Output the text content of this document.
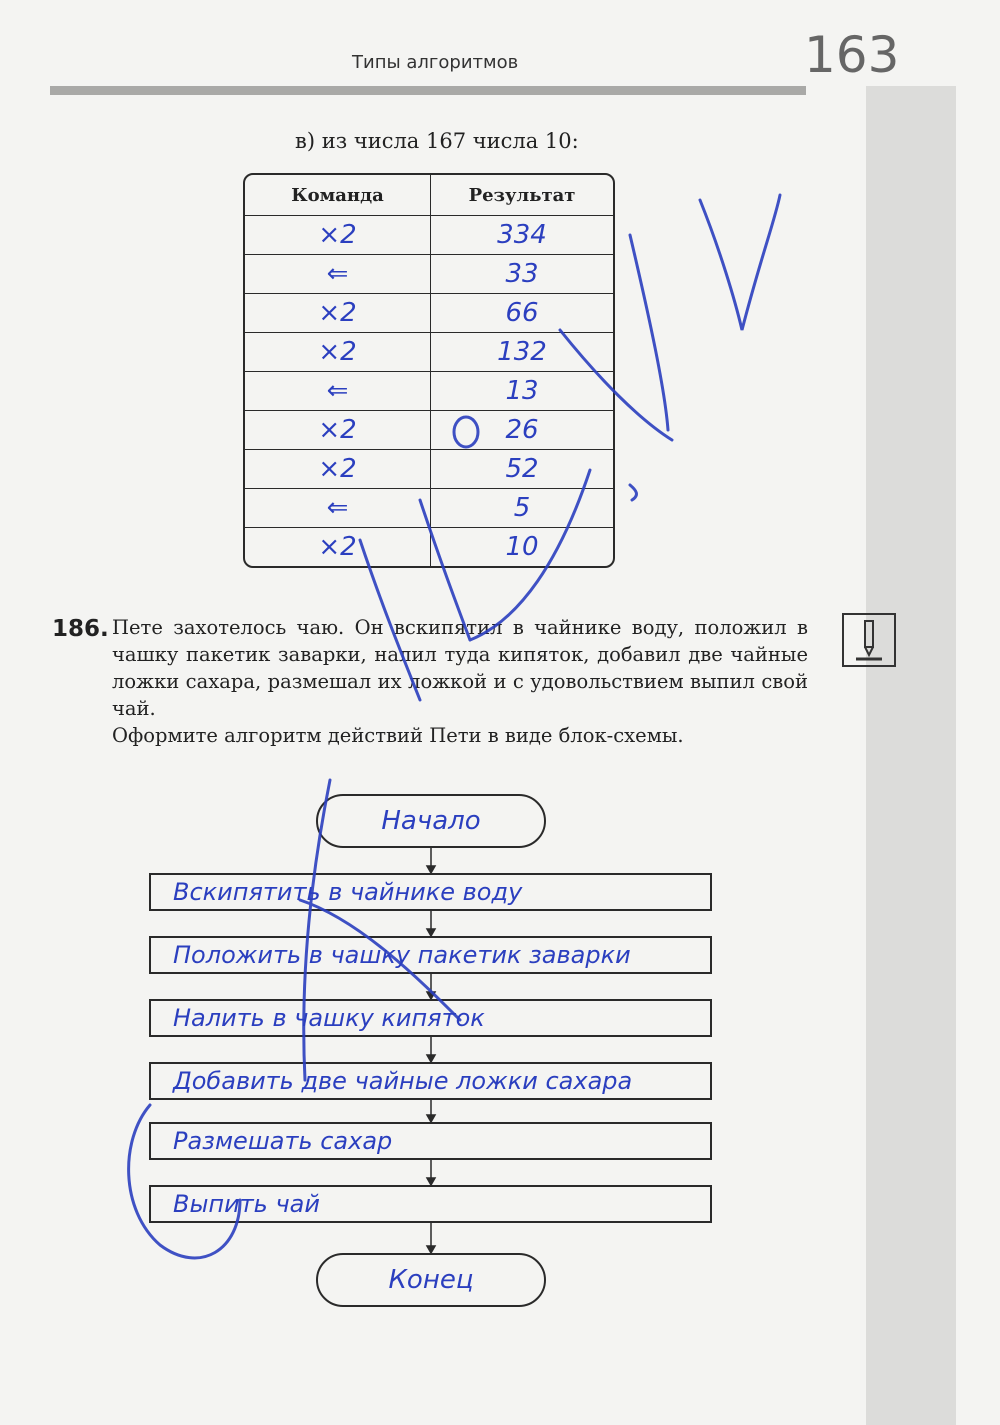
Типы алгоритмов	163
в) из числа 167 числа 10:
Команда	Результат
×2	334
⇐	33
×2	66
×2	132
⇐	13
×2	26
×2	52
⇐	5
×2	10
186. Пете захотелось чаю. Он вскипятил в чайнике воду, положил в чашку пакетик заварки, налил туда кипяток, добавил две чайные ложки сахара, размешал их ложкой и с удовольствием выпил свой чай.

Оформите алгоритм действий Пети в виде блок-схемы.

Начало
Вскипятить в чайнике воду
Положить в чашку пакетик заварки
Налить в чашку кипяток
Добавить две чайные ложки сахара
Размешать сахар
Выпить чай
Конец
